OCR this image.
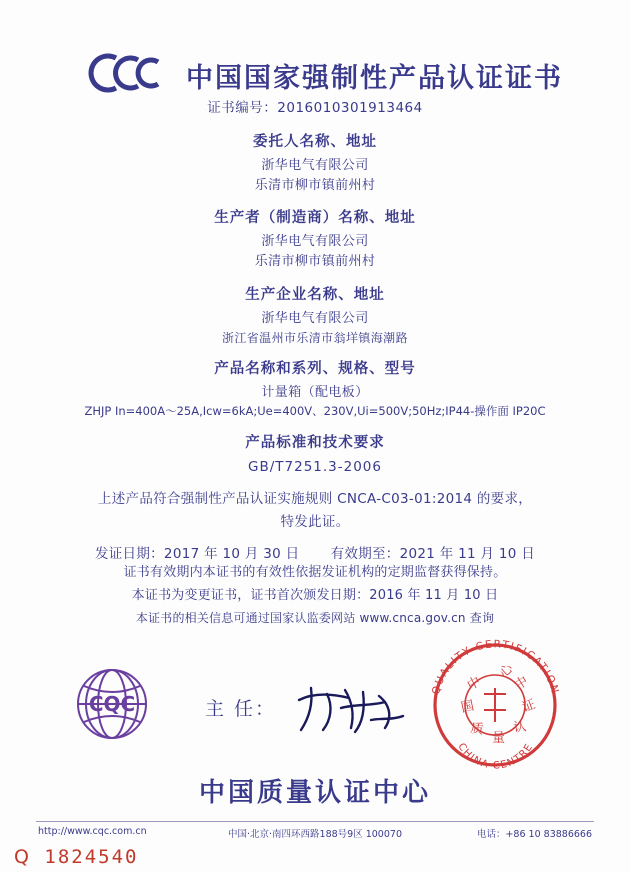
中国国家强制性产品认证证书
证书编号：2016010301913464
委托人名称、地址
浙华电气有限公司
乐清市柳市镇前州村
生产者（制造商）名称、地址
浙华电气有限公司
乐清市柳市镇前州村
生产企业名称、地址
浙华电气有限公司
浙江省温州市乐清市翁垟镇海潮路
产品名称和系列、规格、型号
计量箱（配电板）
ZHJP In=400A～25A,Icw=6kA;Ue=400V、230V,Ui=500V;50Hz;IP44-操作面 IP20C
产品标准和技术要求
GB/T7251.3-2006
上述产品符合强制性产品认证实施规则 CNCA-C03-01:2014 的要求，
特发此证。
发证日期：2017 年 10 月 30 日 有效期至：2021 年 11 月 10 日
证书有效期内本证书的有效性依据发证机构的定期监督获得保持。
本证书为变更证书，证书首次颁发日期：2016 年 11 月 10 日
本证书的相关信息可通过国家认监委网站 www.cnca.gov.cn 查询
CQC	主 任：
QUALITY CERTIFICATION
CHINA CENTRE
中
国
质
量
认
证
中
心
中国质量认证中心
http://www.cqc.com.cn	中国·北京·南四环西路188号9区 100070	电话：+86 10 83886666
Q 1824540
